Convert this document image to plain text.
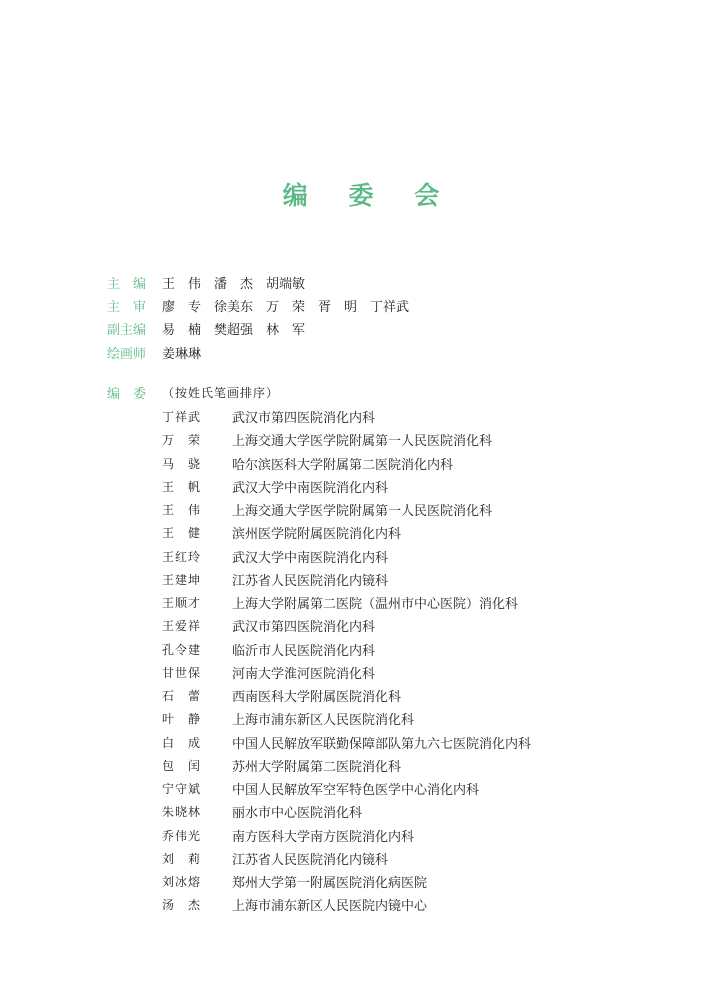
编 委 会
主　编	王　伟　潘　杰　胡端敏
主　审	廖　专　徐美东　万　荣　胥　明　丁祥武
副主编	易　楠　樊超强　林　军
绘画师	姜琳琳
编　委	（按姓氏笔画排序）
丁祥武	武汉市第四医院消化内科
万　荣	上海交通大学医学院附属第一人民医院消化科
马　骁	哈尔滨医科大学附属第二医院消化内科
王　帆	武汉大学中南医院消化内科
王　伟	上海交通大学医学院附属第一人民医院消化科
王　健	滨州医学院附属医院消化内科
王红玲	武汉大学中南医院消化内科
王建坤	江苏省人民医院消化内镜科
王顺才	上海大学附属第二医院（温州市中心医院）消化科
王爱祥	武汉市第四医院消化内科
孔令建	临沂市人民医院消化内科
甘世保	河南大学淮河医院消化科
石　蕾	西南医科大学附属医院消化科
叶　静	上海市浦东新区人民医院消化科
白　成	中国人民解放军联勤保障部队第九六七医院消化内科
包　闰	苏州大学附属第二医院消化科
宁守斌	中国人民解放军空军特色医学中心消化内科
朱晓林	丽水市中心医院消化科
乔伟光	南方医科大学南方医院消化内科
刘　莉	江苏省人民医院消化内镜科
刘冰熔	郑州大学第一附属医院消化病医院
汤　杰	上海市浦东新区人民医院内镜中心
